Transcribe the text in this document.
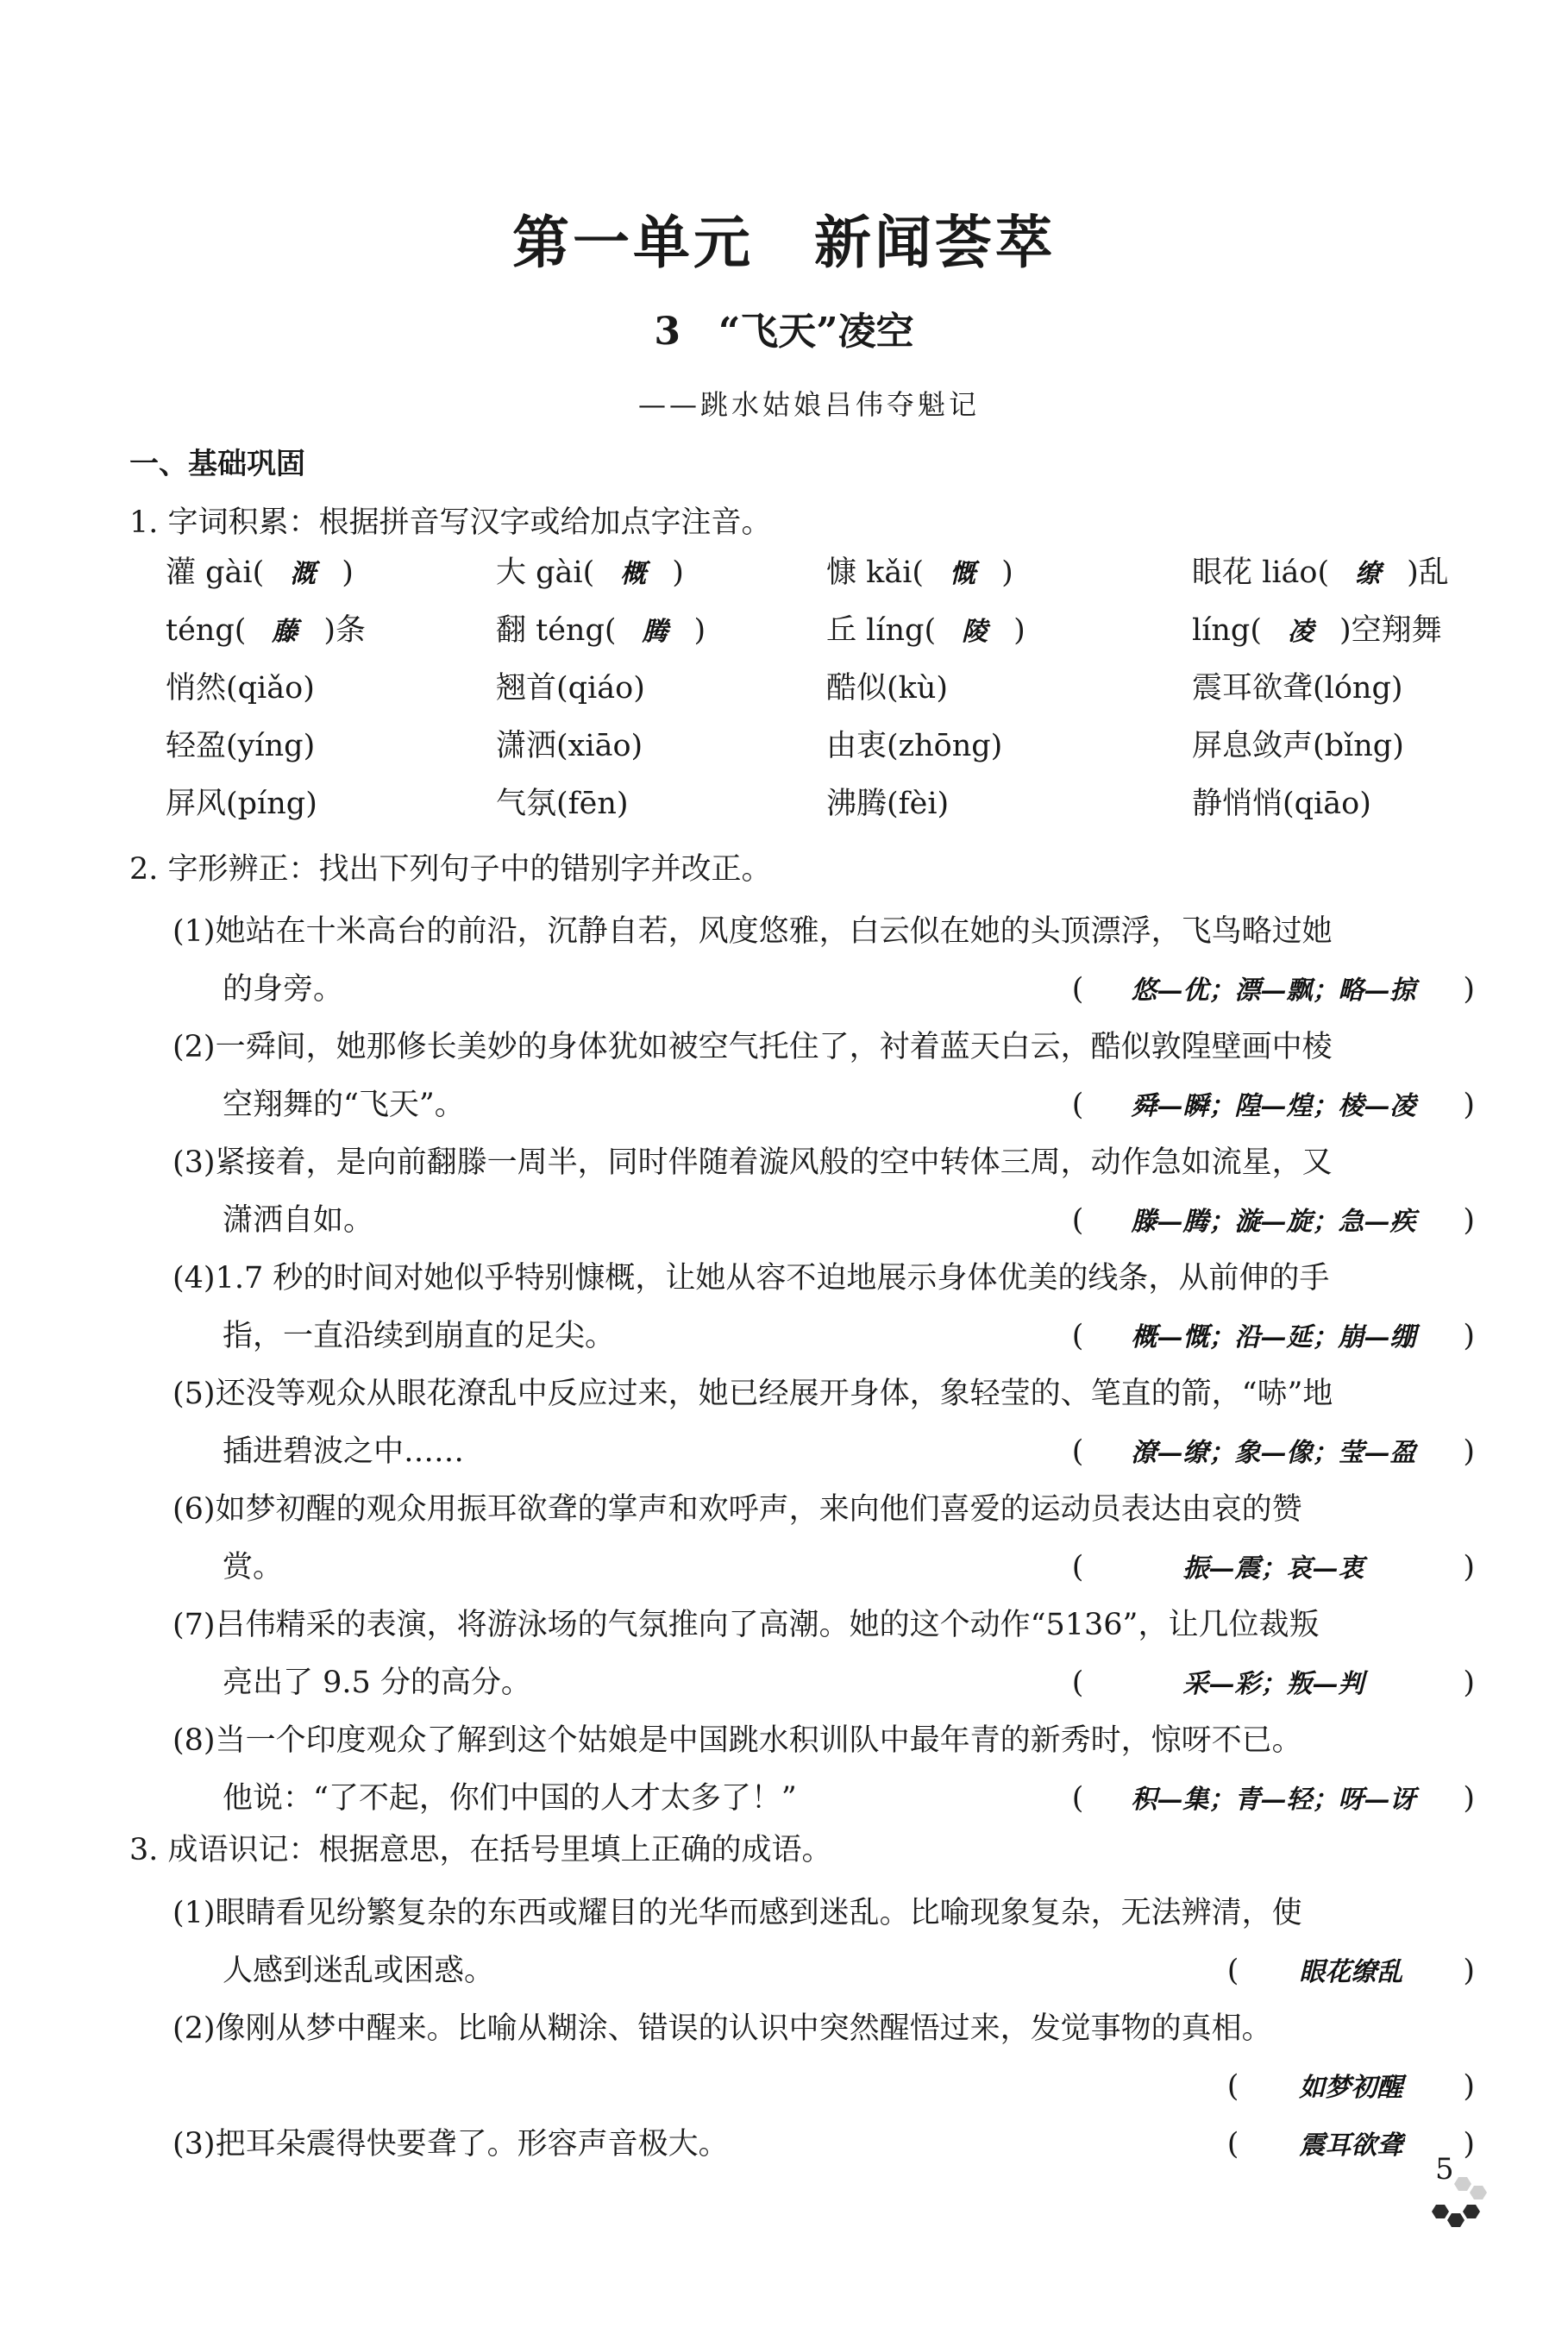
第一单元　新闻荟萃
3　“飞天”凌空
——跳水姑娘吕伟夺魁记
一、基础巩固
1. 字词积累：根据拼音写汉字或给加点字注音。
灌 gài(　溉　)	大 gài(　概　)	慷 kǎi(　慨　)	眼花 liáo(　缭　)乱
téng(　藤　)条	翻 téng(　腾　)	丘 líng(　陵　)	líng(　凌　)空翔舞
悄然(qiǎo)	翘首(qiáo)	酷似(kù)	震耳欲聋(lóng)
轻盈(yíng)	潇洒(xiāo)	由衷(zhōng)	屏息敛声(bǐng)
屏风(píng)	气氛(fēn)	沸腾(fèi)	静悄悄(qiāo)
2. 字形辨正：找出下列句子中的错别字并改正。
(1)她站在十米高台的前沿，沉静自若，风度悠雅，白云似在她的头顶漂浮，飞鸟略过她
的身旁。	( 悠—优；漂—飘；略—掠 )
(2)一舜间，她那修长美妙的身体犹如被空气托住了，衬着蓝天白云，酷似敦隍壁画中棱
空翔舞的“飞天”。	( 舜—瞬；隍—煌；棱—凌 )
(3)紧接着，是向前翻滕一周半，同时伴随着漩风般的空中转体三周，动作急如流星，又
潇洒自如。	( 滕—腾；漩—旋；急—疾 )
(4)1.7 秒的时间对她似乎特别慷概，让她从容不迫地展示身体优美的线条，从前伸的手
指，一直沿续到崩直的足尖。	( 概—慨；沿—延；崩—绷 )
(5)还没等观众从眼花潦乱中反应过来，她已经展开身体，象轻莹的、笔直的箭，“哧”地
插进碧波之中……	( 潦—缭；象—像；莹—盈 )
(6)如梦初醒的观众用振耳欲聋的掌声和欢呼声，来向他们喜爱的运动员表达由哀的赞
赏。	(	振—震；哀—衷	)
(7)吕伟精采的表演，将游泳场的气氛推向了高潮。她的这个动作“5136”，让几位裁叛
亮出了 9.5 分的高分。	(	采—彩；叛—判	)
(8)当一个印度观众了解到这个姑娘是中国跳水积训队中最年青的新秀时，惊呀不已。
他说：“了不起，你们中国的人才太多了！”	( 积—集；青—轻；呀—讶 )
3. 成语识记：根据意思，在括号里填上正确的成语。
(1)眼睛看见纷繁复杂的东西或耀目的光华而感到迷乱。比喻现象复杂，无法辨清，使
人感到迷乱或困惑。	( 眼花缭乱 )
(2)像刚从梦中醒来。比喻从糊涂、错误的认识中突然醒悟过来，发觉事物的真相。
( 如梦初醒 )
(3)把耳朵震得快要聋了。形容声音极大。	( 震耳欲聋 )
5
